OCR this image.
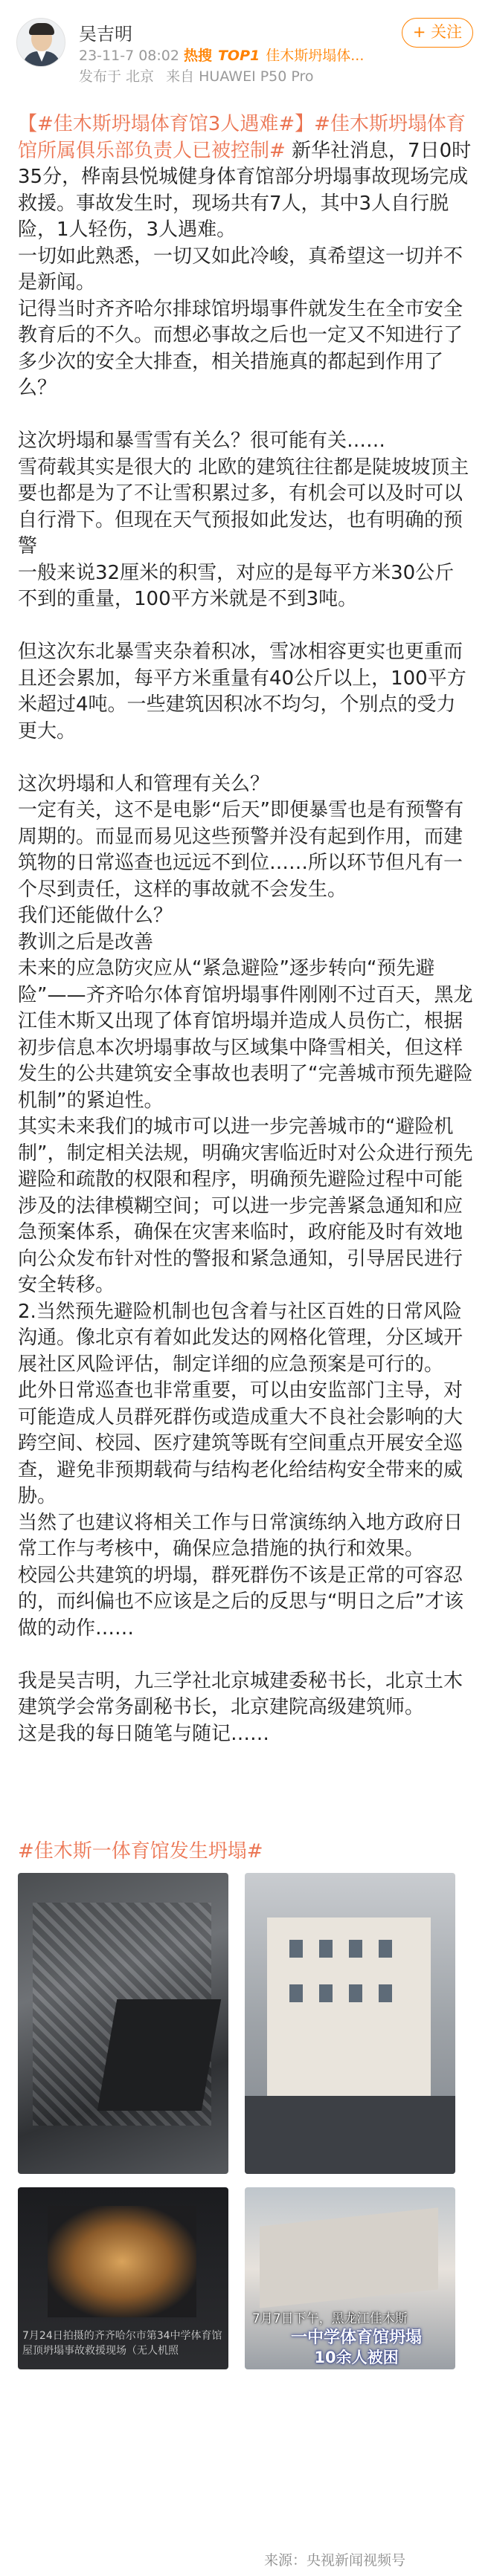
吴吉明
23-11-7 08:02 热搜 TOP1 佳木斯坍塌体...
发布于 北京 来自 HUAWEI P50 Pro
+ 关注

【#佳木斯坍塌体育馆3人遇难#】#佳木斯坍塌体育馆所属俱乐部负责人已被控制# 新华社消息，7日0时35分，桦南县悦城健身体育馆部分坍塌事故现场完成救援。事故发生时，现场共有7人，其中3人自行脱险，1人轻伤，3人遇难。

一切如此熟悉，一切又如此冷峻，真希望这一切并不是新闻。

记得当时齐齐哈尔排球馆坍塌事件就发生在全市安全教育后的不久。而想必事故之后也一定又不知进行了多少次的安全大排查，相关措施真的都起到作用了么？

这次坍塌和暴雪雪有关么？很可能有关……

雪荷载其实是很大的 北欧的建筑往往都是陡坡坡顶主要也都是为了不让雪积累过多，有机会可以及时可以自行滑下。但现在天气预报如此发达，也有明确的预警

一般来说32厘米的积雪，对应的是每平方米30公斤不到的重量，100平方米就是不到3吨。

但这次东北暴雪夹杂着积冰，雪冰相容更实也更重而且还会累加，每平方米重量有40公斤以上，100平方米超过4吨。一些建筑因积冰不均匀，个别点的受力更大。

这次坍塌和人和管理有关么？

一定有关，这不是电影“后天”即便暴雪也是有预警有周期的。而显而易见这些预警并没有起到作用，而建筑物的日常巡查也远远不到位……所以环节但凡有一个尽到责任，这样的事故就不会发生。

我们还能做什么？

教训之后是改善

未来的应急防灾应从“紧急避险”逐步转向“预先避险”——齐齐哈尔体育馆坍塌事件刚刚不过百天，黑龙江佳木斯又出现了体育馆坍塌并造成人员伤亡，根据初步信息本次坍塌事故与区域集中降雪相关，但这样发生的公共建筑安全事故也表明了“完善城市预先避险机制”的紧迫性。

其实未来我们的城市可以进一步完善城市的“避险机制”，制定相关法规，明确灾害临近时对公众进行预先避险和疏散的权限和程序，明确预先避险过程中可能涉及的法律模糊空间；可以进一步完善紧急通知和应急预案体系，确保在灾害来临时，政府能及时有效地向公众发布针对性的警报和紧急通知，引导居民进行安全转移。

2.当然预先避险机制也包含着与社区百姓的日常风险沟通。像北京有着如此发达的网格化管理，分区域开展社区风险评估，制定详细的应急预案是可行的。

此外日常巡查也非常重要，可以由安监部门主导，对可能造成人员群死群伤或造成重大不良社会影响的大跨空间、校园、医疗建筑等既有空间重点开展安全巡查，避免非预期载荷与结构老化给结构安全带来的威胁。

当然了也建议将相关工作与日常演练纳入地方政府日常工作与考核中，确保应急措施的执行和效果。

校园公共建筑的坍塌，群死群伤不该是正常的可容忍的，而纠偏也不应该是之后的反思与“明日之后”才该做的动作……

我是吴吉明，九三学社北京城建委秘书长，北京土木建筑学会常务副秘书长，北京建院高级建筑师。

这是我的每日随笔与随记……

#佳木斯一体育馆发生坍塌#
7月24日拍摄的齐齐哈尔市第34中学体育馆屋顶坍塌事故救援现场（无人机照
7月7日下午，黑龙江佳木斯
一中学体育馆坍塌
10余人被困
来源：央视新闻视频号
